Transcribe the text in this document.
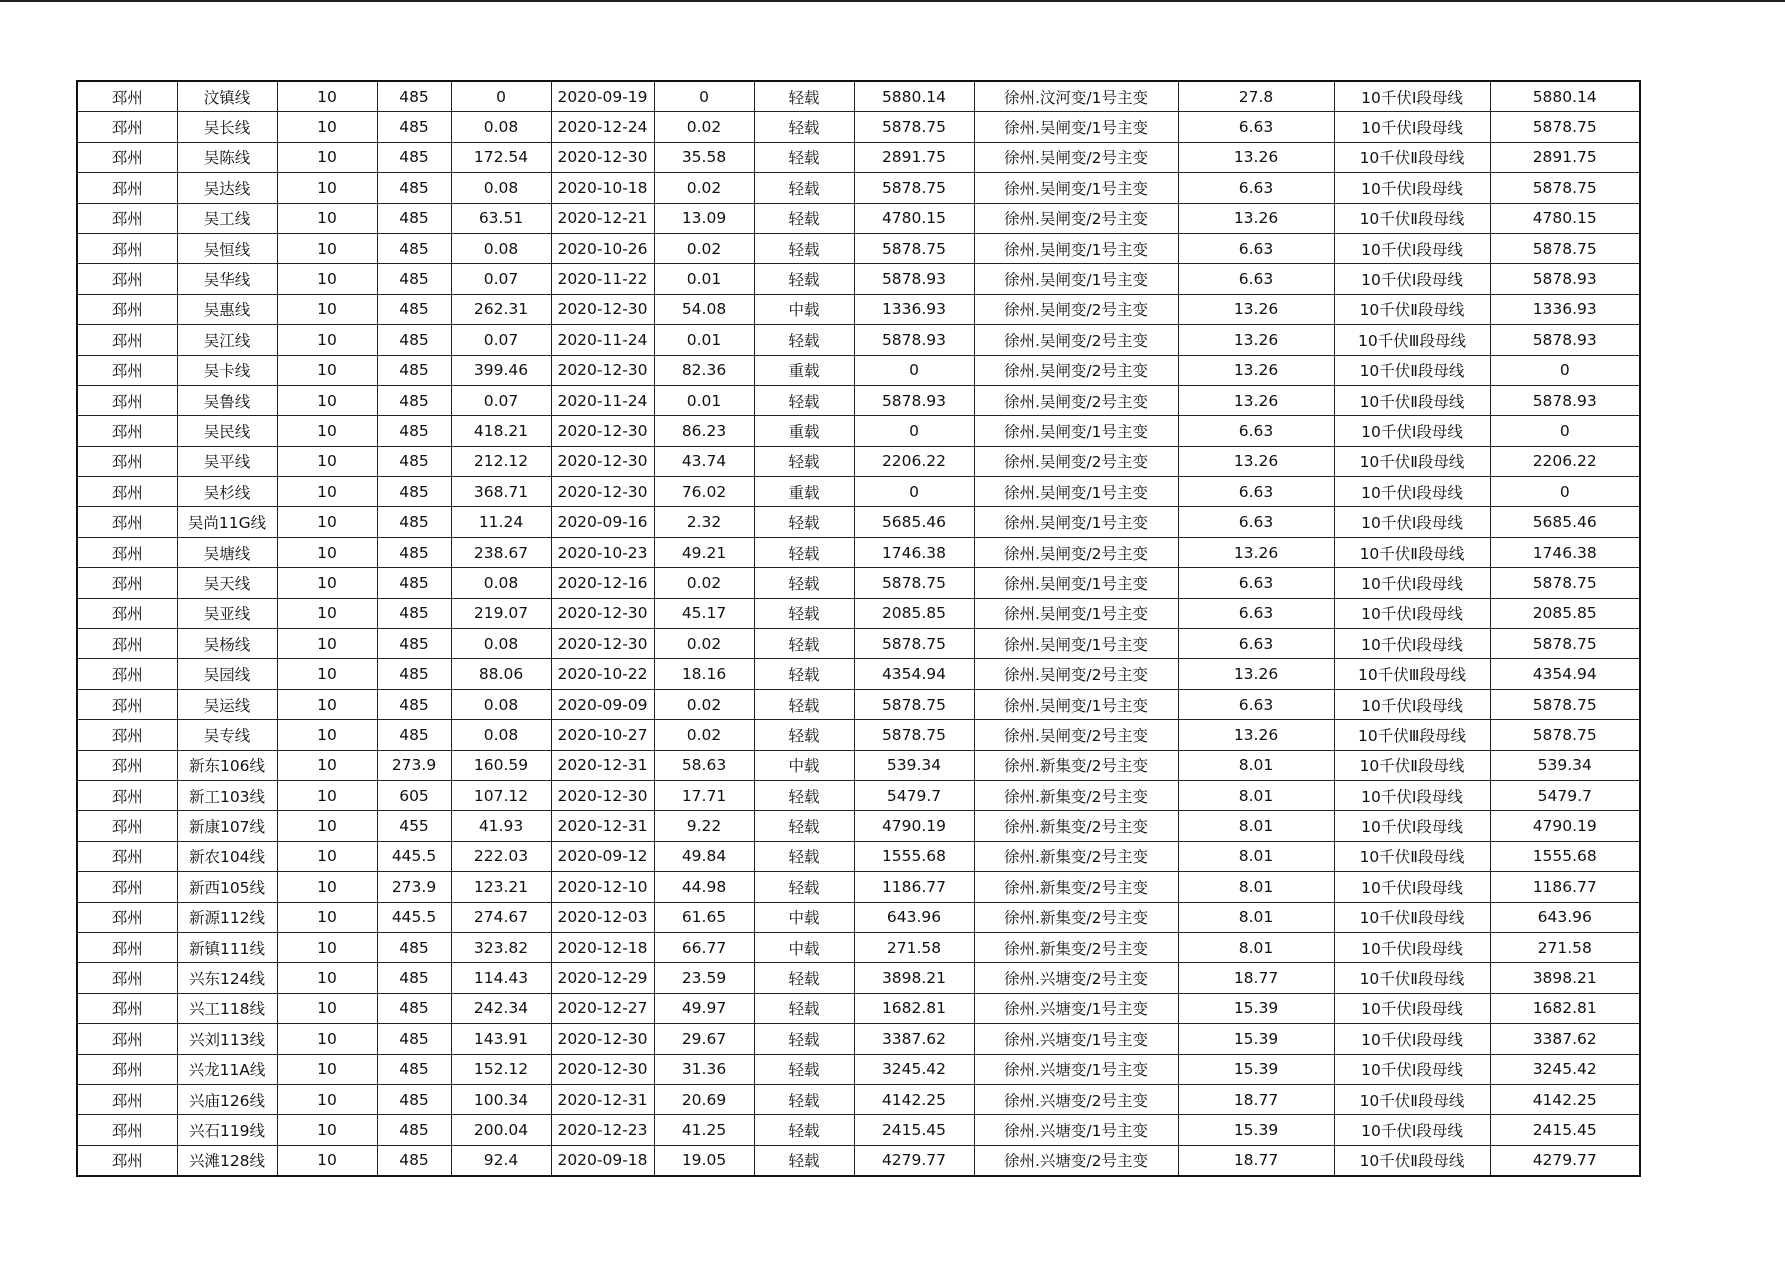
邳州	汶镇线	10	485	0	2020-09-19	0	轻载	5880.14	徐州.汶河变/1号主变	27.8	10千伏Ⅰ段母线	5880.14
邳州	吴长线	10	485	0.08	2020-12-24	0.02	轻载	5878.75	徐州.吴闸变/1号主变	6.63	10千伏Ⅰ段母线	5878.75
邳州	吴陈线	10	485	172.54	2020-12-30	35.58	轻载	2891.75	徐州.吴闸变/2号主变	13.26	10千伏Ⅱ段母线	2891.75
邳州	吴达线	10	485	0.08	2020-10-18	0.02	轻载	5878.75	徐州.吴闸变/1号主变	6.63	10千伏Ⅰ段母线	5878.75
邳州	吴工线	10	485	63.51	2020-12-21	13.09	轻载	4780.15	徐州.吴闸变/2号主变	13.26	10千伏Ⅱ段母线	4780.15
邳州	吴恒线	10	485	0.08	2020-10-26	0.02	轻载	5878.75	徐州.吴闸变/1号主变	6.63	10千伏Ⅰ段母线	5878.75
邳州	吴华线	10	485	0.07	2020-11-22	0.01	轻载	5878.93	徐州.吴闸变/1号主变	6.63	10千伏Ⅰ段母线	5878.93
邳州	吴惠线	10	485	262.31	2020-12-30	54.08	中载	1336.93	徐州.吴闸变/2号主变	13.26	10千伏Ⅱ段母线	1336.93
邳州	吴江线	10	485	0.07	2020-11-24	0.01	轻载	5878.93	徐州.吴闸变/2号主变	13.26	10千伏Ⅲ段母线	5878.93
邳州	吴卡线	10	485	399.46	2020-12-30	82.36	重载	0	徐州.吴闸变/2号主变	13.26	10千伏Ⅱ段母线	0
邳州	吴鲁线	10	485	0.07	2020-11-24	0.01	轻载	5878.93	徐州.吴闸变/2号主变	13.26	10千伏Ⅱ段母线	5878.93
邳州	吴民线	10	485	418.21	2020-12-30	86.23	重载	0	徐州.吴闸变/1号主变	6.63	10千伏Ⅰ段母线	0
邳州	吴平线	10	485	212.12	2020-12-30	43.74	轻载	2206.22	徐州.吴闸变/2号主变	13.26	10千伏Ⅱ段母线	2206.22
邳州	吴杉线	10	485	368.71	2020-12-30	76.02	重载	0	徐州.吴闸变/1号主变	6.63	10千伏Ⅰ段母线	0
邳州	吴尚11G线	10	485	11.24	2020-09-16	2.32	轻载	5685.46	徐州.吴闸变/1号主变	6.63	10千伏Ⅰ段母线	5685.46
邳州	吴塘线	10	485	238.67	2020-10-23	49.21	轻载	1746.38	徐州.吴闸变/2号主变	13.26	10千伏Ⅱ段母线	1746.38
邳州	吴天线	10	485	0.08	2020-12-16	0.02	轻载	5878.75	徐州.吴闸变/1号主变	6.63	10千伏Ⅰ段母线	5878.75
邳州	吴亚线	10	485	219.07	2020-12-30	45.17	轻载	2085.85	徐州.吴闸变/1号主变	6.63	10千伏Ⅰ段母线	2085.85
邳州	吴杨线	10	485	0.08	2020-12-30	0.02	轻载	5878.75	徐州.吴闸变/1号主变	6.63	10千伏Ⅰ段母线	5878.75
邳州	吴园线	10	485	88.06	2020-10-22	18.16	轻载	4354.94	徐州.吴闸变/2号主变	13.26	10千伏Ⅲ段母线	4354.94
邳州	吴运线	10	485	0.08	2020-09-09	0.02	轻载	5878.75	徐州.吴闸变/1号主变	6.63	10千伏Ⅰ段母线	5878.75
邳州	吴专线	10	485	0.08	2020-10-27	0.02	轻载	5878.75	徐州.吴闸变/2号主变	13.26	10千伏Ⅲ段母线	5878.75
邳州	新东106线	10	273.9	160.59	2020-12-31	58.63	中载	539.34	徐州.新集变/2号主变	8.01	10千伏Ⅱ段母线	539.34
邳州	新工103线	10	605	107.12	2020-12-30	17.71	轻载	5479.7	徐州.新集变/2号主变	8.01	10千伏Ⅰ段母线	5479.7
邳州	新康107线	10	455	41.93	2020-12-31	9.22	轻载	4790.19	徐州.新集变/2号主变	8.01	10千伏Ⅰ段母线	4790.19
邳州	新农104线	10	445.5	222.03	2020-09-12	49.84	轻载	1555.68	徐州.新集变/2号主变	8.01	10千伏Ⅱ段母线	1555.68
邳州	新西105线	10	273.9	123.21	2020-12-10	44.98	轻载	1186.77	徐州.新集变/2号主变	8.01	10千伏Ⅰ段母线	1186.77
邳州	新源112线	10	445.5	274.67	2020-12-03	61.65	中载	643.96	徐州.新集变/2号主变	8.01	10千伏Ⅱ段母线	643.96
邳州	新镇111线	10	485	323.82	2020-12-18	66.77	中载	271.58	徐州.新集变/2号主变	8.01	10千伏Ⅰ段母线	271.58
邳州	兴东124线	10	485	114.43	2020-12-29	23.59	轻载	3898.21	徐州.兴塘变/2号主变	18.77	10千伏Ⅱ段母线	3898.21
邳州	兴工118线	10	485	242.34	2020-12-27	49.97	轻载	1682.81	徐州.兴塘变/1号主变	15.39	10千伏Ⅰ段母线	1682.81
邳州	兴刘113线	10	485	143.91	2020-12-30	29.67	轻载	3387.62	徐州.兴塘变/1号主变	15.39	10千伏Ⅰ段母线	3387.62
邳州	兴龙11A线	10	485	152.12	2020-12-30	31.36	轻载	3245.42	徐州.兴塘变/1号主变	15.39	10千伏Ⅰ段母线	3245.42
邳州	兴庙126线	10	485	100.34	2020-12-31	20.69	轻载	4142.25	徐州.兴塘变/2号主变	18.77	10千伏Ⅱ段母线	4142.25
邳州	兴石119线	10	485	200.04	2020-12-23	41.25	轻载	2415.45	徐州.兴塘变/1号主变	15.39	10千伏Ⅰ段母线	2415.45
邳州	兴滩128线	10	485	92.4	2020-09-18	19.05	轻载	4279.77	徐州.兴塘变/2号主变	18.77	10千伏Ⅱ段母线	4279.77
